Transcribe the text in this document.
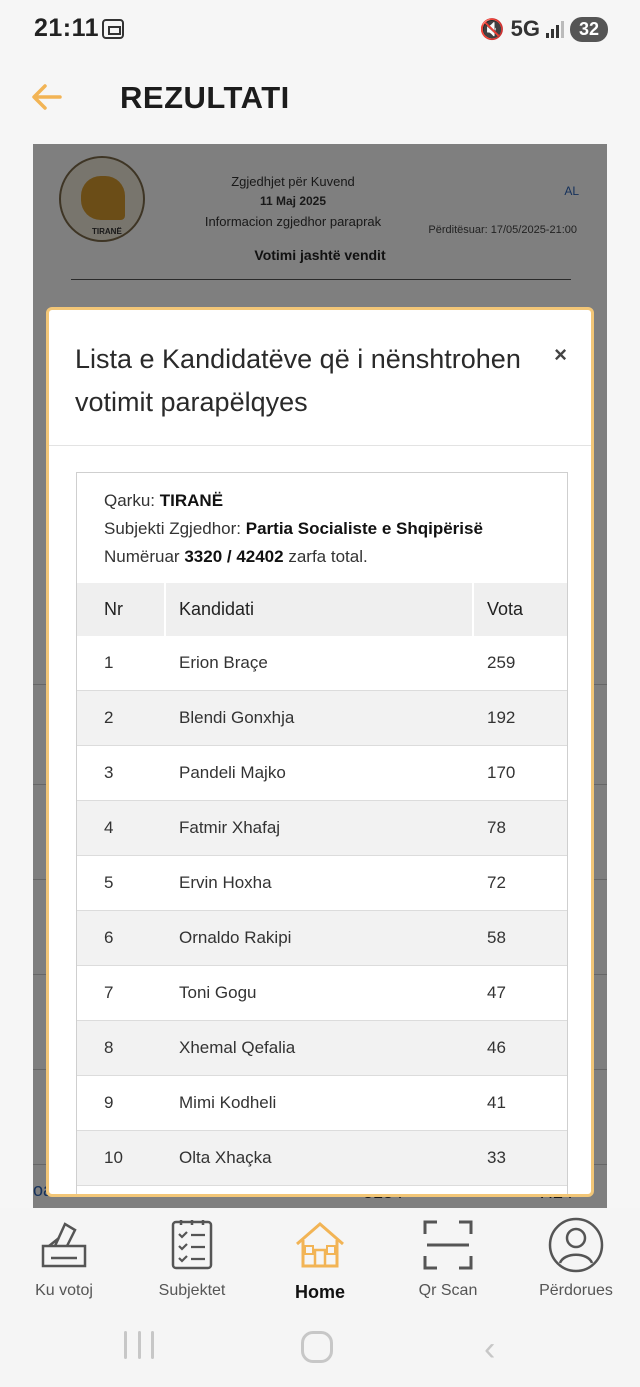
21:11	🔇 5G	32
REZULTATI
Lista e Kandidatëve që i nënshtrohen votimit parapëlqyes
×
Qarku: TIRANË
Subjekti Zgjedhor: Partia Socialiste e Shqipërisë
Numëruar 3320 / 42402 zarfa total.
Nr	Kandidati	Vota
1	Erion Braçe	259
2	Blendi Gonxhja	192
3	Pandeli Majko	170
4	Fatmir Xhafaj	78
5	Ervin Hoxha	72
6	Ornaldo Rakipi	58
7	Toni Gogu	47
8	Xhemal Qefalia	46
9	Mimi Kodheli	41
10	Olta Xhaçka	33
Ku votoj	Subjektet	Home	Qr Scan	Përdorues
‹
